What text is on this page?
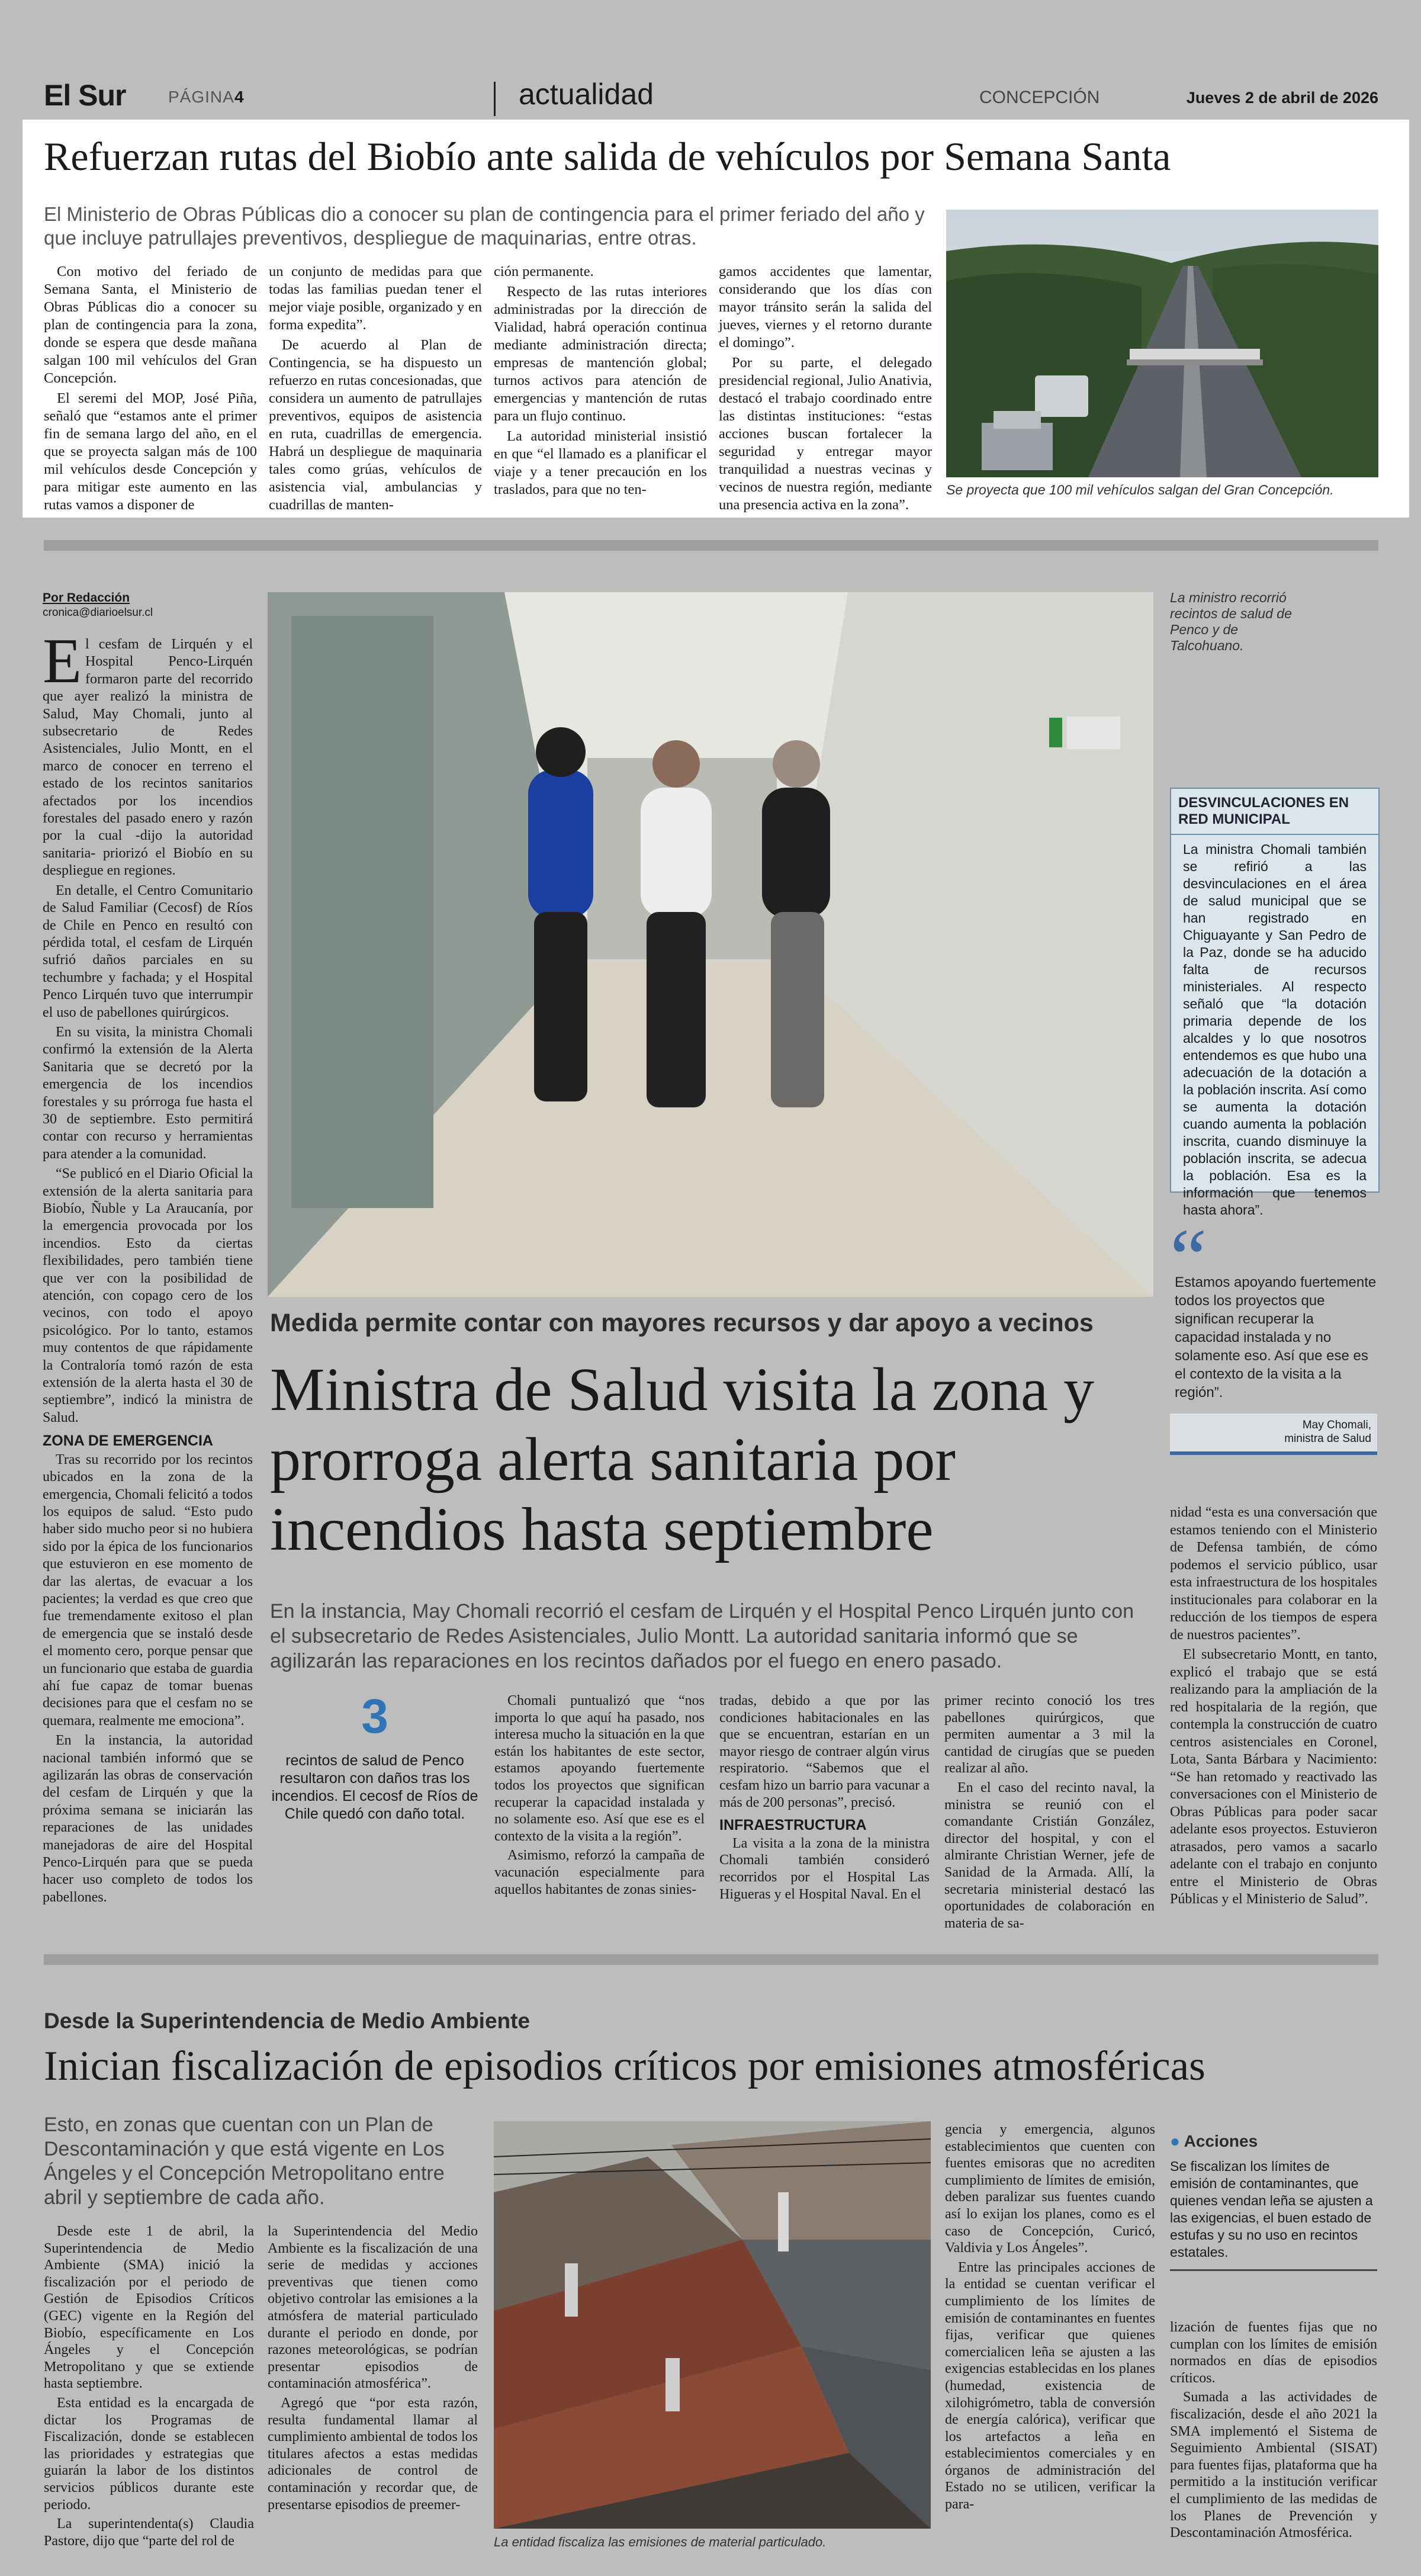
El Sur	PÁGINA 4	actualidad	CONCEPCIÓN	Jueves 2 de abril de 2026
Refuerzan rutas del Biobío ante salida de vehículos por Semana Santa
El Ministerio de Obras Públicas dio a conocer su plan de contingencia para el primer feriado del año y que incluye patrullajes preventivos, despliegue de maquinarias, entre otras.

Con motivo del feriado de Semana Santa, el Ministerio de Obras Públicas dio a conocer su plan de contingencia para la zona, donde se espera que desde mañana salgan 100 mil vehículos del Gran Concepción.

El seremi del MOP, José Piña, señaló que “estamos ante el primer fin de semana largo del año, en el que se proyecta salgan más de 100 mil vehículos desde Concepción y para mitigar este aumento en las rutas vamos a disponer de

un conjunto de medidas para que todas las familias puedan tener el mejor viaje posible, organizado y en forma expedita”.

De acuerdo al Plan de Contingencia, se ha dispuesto un refuerzo en rutas concesionadas, que considera un aumento de patrullajes preventivos, equipos de asistencia en ruta, cuadrillas de emergencia. Habrá un despliegue de maquinaria tales como grúas, vehículos de asistencia vial, ambulancias y cuadrillas de manten-

ción permanente.

Respecto de las rutas interiores administradas por la dirección de Vialidad, habrá operación continua mediante administración directa; empresas de mantención global; turnos activos para atención de emergencias y mantención de rutas para un flujo continuo.

La autoridad ministerial insistió en que “el llamado es a planificar el viaje y a tener precaución en los traslados, para que no ten-

gamos accidentes que lamentar, considerando que los días con mayor tránsito serán la salida del jueves, viernes y el retorno durante el domingo”.

Por su parte, el delegado presidencial regional, Julio Anativia, destacó el trabajo coordinado entre las distintas instituciones: “estas acciones buscan fortalecer la seguridad y entregar mayor tranquilidad a nuestras vecinas y vecinos de nuestra región, mediante una presencia activa en la zona”.

Se proyecta que 100 mil vehículos salgan del Gran Concepción.
Por Redacción
cronica@diarioelsur.cl

El cesfam de Lirquén y el Hospital Penco-Lirquén formaron parte del recorrido que ayer realizó la ministra de Salud, May Chomali, junto al subsecretario de Redes Asistenciales, Julio Montt, en el marco de conocer en terreno el estado de los recintos sanitarios afectados por los incendios forestales del pasado enero y razón por la cual -dijo la autoridad sanitaria- priorizó el Biobío en su despliegue en regiones.

En detalle, el Centro Comunitario de Salud Familiar (Cecosf) de Ríos de Chile en Penco en resultó con pérdida total, el cesfam de Lirquén sufrió daños parciales en su techumbre y fachada; y el Hospital Penco Lirquén tuvo que interrumpir el uso de pabellones quirúrgicos.

En su visita, la ministra Chomali confirmó la extensión de la Alerta Sanitaria que se decretó por la emergencia de los incendios forestales y su prórroga fue hasta el 30 de septiembre. Esto permitirá contar con recurso y herramientas para atender a la comunidad.

“Se publicó en el Diario Oficial la extensión de la alerta sanitaria para Biobío, Ñuble y La Araucanía, por la emergencia provocada por los incendios. Esto da ciertas flexibilidades, pero también tiene que ver con la posibilidad de atención, con copago cero de los vecinos, con todo el apoyo psicológico. Por lo tanto, estamos muy contentos de que rápidamente la Contraloría tomó razón de esta extensión de la alerta hasta el 30 de septiembre”, indicó la ministra de Salud.

ZONA DE EMERGENCIA

Tras su recorrido por los recintos ubicados en la zona de la emergencia, Chomali felicitó a todos los equipos de salud. “Esto pudo haber sido mucho peor si no hubiera sido por la épica de los funcionarios que estuvieron en ese momento de dar las alertas, de evacuar a los pacientes; la verdad es que creo que fue tremendamente exitoso el plan de emergencia que se instaló desde el momento cero, porque pensar que un funcionario que estaba de guardia ahí fue capaz de tomar buenas decisiones para que el cesfam no se quemara, realmente me emociona”.

En la instancia, la autoridad nacional también informó que se agilizarán las obras de conservación del cesfam de Lirquén y que la próxima semana se iniciarán las reparaciones de las unidades manejadoras de aire del Hospital Penco-Lirquén para que se pueda hacer uso completo de todos los pabellones.

La ministro recorrió recintos de salud de Penco y de Talcohuano.
DESVINCULACIONES EN RED MUNICIPAL
La ministra Chomali también se refirió a las desvinculaciones en el área de salud municipal que se han registrado en Chiguayante y San Pedro de la Paz, donde se ha aducido falta de recursos ministeriales. Al respecto señaló que “la dotación primaria depende de los alcaldes y lo que nosotros entendemos es que hubo una adecuación de la dotación a la población inscrita. Así como se aumenta la dotación cuando aumenta la población inscrita, cuando disminuye la población inscrita, se adecua la población. Esa es la información que tenemos hasta ahora”.
“
Estamos apoyando fuertemente todos los proyectos que significan recuperar la capacidad instalada y no solamente eso. Así que ese es el contexto de la visita a la región”.
May Chomali,
ministra de Salud
Medida permite contar con mayores recursos y dar apoyo a vecinos
Ministra de Salud visita la zona y prorroga alerta sanitaria por incendios hasta septiembre
En la instancia, May Chomali recorrió el cesfam de Lirquén y el Hospital Penco Lirquén junto con el subsecretario de Redes Asistenciales, Julio Montt. La autoridad sanitaria informó que se agilizarán las reparaciones en los recintos dañados por el fuego en enero pasado.
3
recintos de salud de Penco resultaron con daños tras los incendios. El cecosf de Ríos de Chile quedó con daño total.

Chomali puntualizó que “nos importa lo que aquí ha pasado, nos interesa mucho la situación en la que están los habitantes de este sector, estamos apoyando fuertemente todos los proyectos que significan recuperar la capacidad instalada y no solamente eso. Así que ese es el contexto de la visita a la región”.

Asimismo, reforzó la campaña de vacunación especialmente para aquellos habitantes de zonas sinies-

tradas, debido a que por las condiciones habitacionales en las que se encuentran, estarían en un mayor riesgo de contraer algún virus respiratorio. “Sabemos que el cesfam hizo un barrio para vacunar a más de 200 personas”, precisó.

INFRAESTRUCTURA

La visita a la zona de la ministra Chomali también consideró recorridos por el Hospital Las Higueras y el Hospital Naval. En el

primer recinto conoció los tres pabellones quirúrgicos, que permiten aumentar a 3 mil la cantidad de cirugías que se pueden realizar al año.

En el caso del recinto naval, la ministra se reunió con el comandante Cristián González, director del hospital, y con el almirante Christian Werner, jefe de Sanidad de la Armada. Allí, la secretaria ministerial destacó las oportunidades de colaboración en materia de sa-

nidad “esta es una conversación que estamos teniendo con el Ministerio de Defensa también, de cómo podemos el servicio público, usar esta infraestructura de los hospitales institucionales para colaborar en la reducción de los tiempos de espera de nuestros pacientes”.

El subsecretario Montt, en tanto, explicó el trabajo que se está realizando para la ampliación de la red hospitalaria de la región, que contempla la construcción de cuatro centros asistenciales en Coronel, Lota, Santa Bárbara y Nacimiento: “Se han retomado y reactivado las conversaciones con el Ministerio de Obras Públicas para poder sacar adelante esos proyectos. Estuvieron atrasados, pero vamos a sacarlo adelante con el trabajo en conjunto entre el Ministerio de Obras Públicas y el Ministerio de Salud”.

Desde la Superintendencia de Medio Ambiente
Inician fiscalización de episodios críticos por emisiones atmosféricas
Esto, en zonas que cuentan con un Plan de Descontaminación y que está vigente en Los Ángeles y el Concepción Metropolitano entre abril y septiembre de cada año.

Desde este 1 de abril, la Superintendencia de Medio Ambiente (SMA) inició la fiscalización por el periodo de Gestión de Episodios Críticos (GEC) vigente en la Región del Biobío, específicamente en Los Ángeles y el Concepción Metropolitano y que se extiende hasta septiembre.

Esta entidad es la encargada de dictar los Programas de Fiscalización, donde se establecen las prioridades y estrategias que guiarán la labor de los distintos servicios públicos durante este periodo.

La superintendenta(s) Claudia Pastore, dijo que “parte del rol de

la Superintendencia del Medio Ambiente es la fiscalización de una serie de medidas y acciones preventivas que tienen como objetivo controlar las emisiones a la atmósfera de material particulado durante el periodo en donde, por razones meteorológicas, se podrían presentar episodios de contaminación atmosférica”.

Agregó que “por esta razón, resulta fundamental llamar al cumplimiento ambiental de todos los titulares afectos a estas medidas adicionales de control de contaminación y recordar que, de presentarse episodios de preemer-

La entidad fiscaliza las emisiones de material particulado.

gencia y emergencia, algunos establecimientos que cuenten con fuentes emisoras que no acrediten cumplimiento de límites de emisión, deben paralizar sus fuentes cuando así lo exijan los planes, como es el caso de Concepción, Curicó, Valdivia y Los Ángeles”.

Entre las principales acciones de la entidad se cuentan verificar el cumplimiento de los límites de emisión de contaminantes en fuentes fijas, verificar que quienes comercialicen leña se ajusten a las exigencias establecidas en los planes (humedad, existencia de xilohigrómetro, tabla de conversión de energía calórica), verificar que los artefactos a leña en establecimientos comerciales y en órganos de administración del Estado no se utilicen, verificar la para-

● Acciones
Se fiscalizan los límites de emisión de contaminantes, que quienes vendan leña se ajusten a las exigencias, el buen estado de estufas y su no uso en recintos estatales.

lización de fuentes fijas que no cumplan con los límites de emisión normados en días de episodios críticos.

Sumada a las actividades de fiscalización, desde el año 2021 la SMA implementó el Sistema de Seguimiento Ambiental (SISAT) para fuentes fijas, plataforma que ha permitido a la institución verificar el cumplimiento de las medidas de los Planes de Prevención y Descontaminación Atmosférica.
